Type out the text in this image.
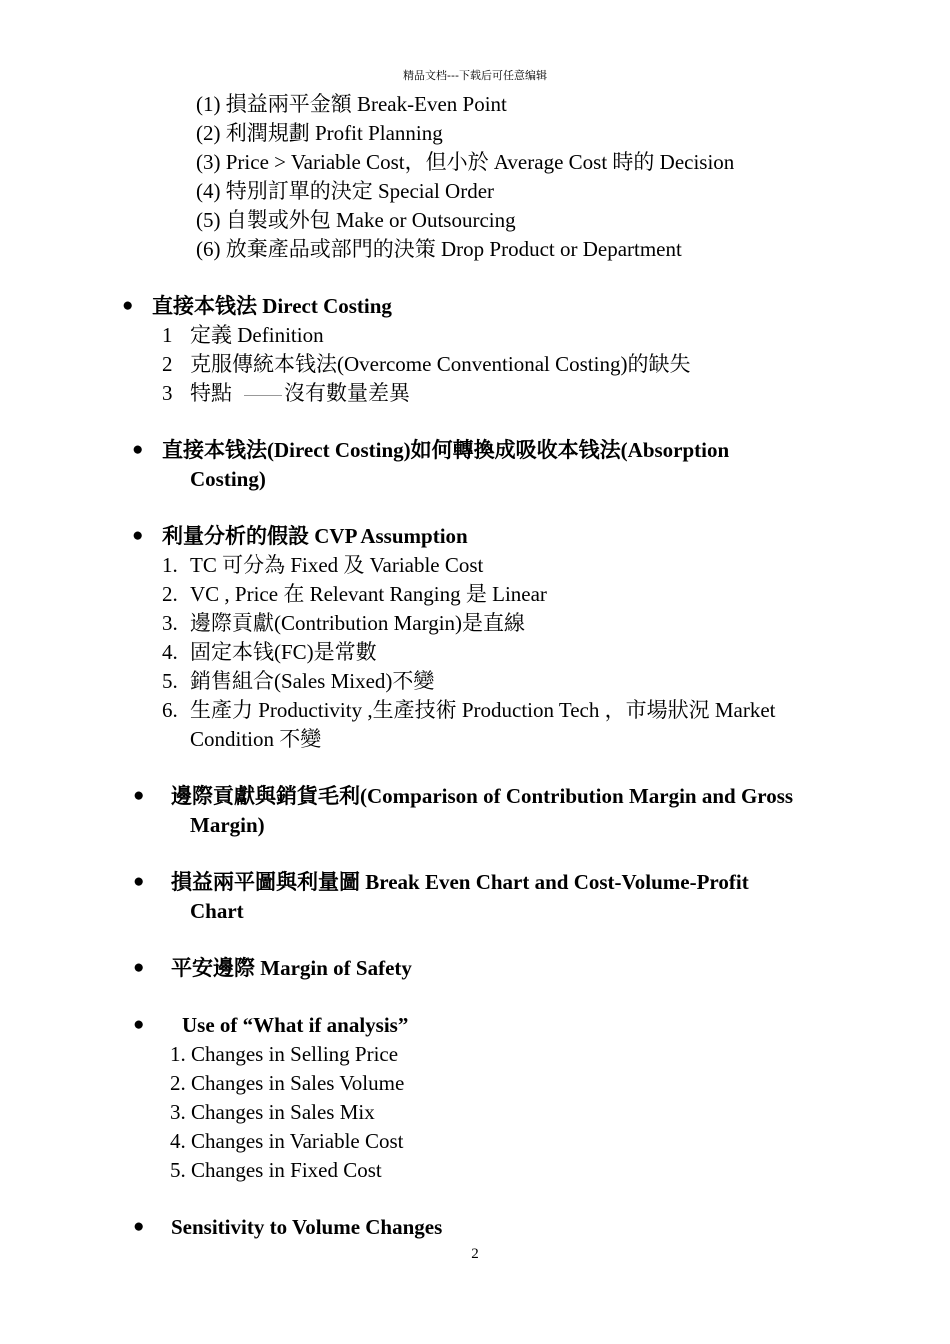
精品文档---下载后可任意编辑
(1) 損益兩平金額 Break-Even Point
(2) 利潤規劃 Profit Planning
(3) Price > Variable Cost，但小於 Average Cost 時的 Decision
(4) 特別訂單的決定 Special Order
(5) 自製或外包 Make or Outsourcing
(6) 放棄產品或部門的決策 Drop Product or Department
● 直接本钱法 Direct Costing
1 定義 Definition
2 克服傳統本钱法(Overcome Conventional Costing)的缺失
3 特點 沒有數量差異
● 直接本钱法(Direct Costing)如何轉換成吸收本钱法(Absorption
Costing)
● 利量分析的假設 CVP Assumption
1. TC 可分為 Fixed 及 Variable Cost
2. VC , Price 在 Relevant Ranging 是 Linear
3. 邊際貢獻(Contribution Margin)是直線
4. 固定本钱(FC)是常數
5. 銷售組合(Sales Mixed)不變
6. 生產力 Productivity ,生產技術 Production Tech ，市場狀況 Market
Condition 不變
● 邊際貢獻與銷貨毛利(Comparison of Contribution Margin and Gross
Margin)
● 損益兩平圖與利量圖 Break Even Chart and Cost-Volume-Profit
Chart
● 平安邊際 Margin of Safety
● Use of “What if analysis”
1. Changes in Selling Price
2. Changes in Sales Volume
3. Changes in Sales Mix
4. Changes in Variable Cost
5. Changes in Fixed Cost
● Sensitivity to Volume Changes
2
